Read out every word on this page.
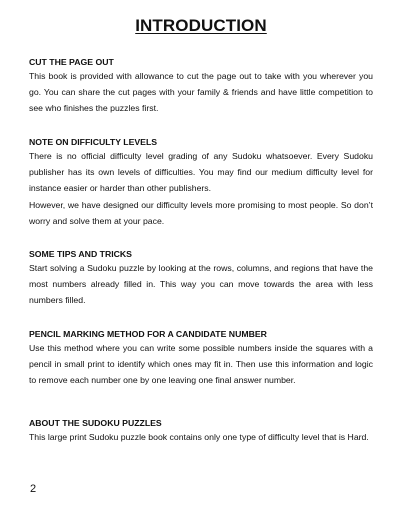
INTRODUCTION
CUT THE PAGE OUT

This book is provided with allowance to cut the page out to take with you wherever you go. You can share the cut pages with your family & friends and have little competition to see who finishes the puzzles first.

NOTE ON DIFFICULTY LEVELS

There is no official difficulty level grading of any Sudoku whatsoever. Every Sudoku publisher has its own levels of difficulties. You may find our medium difficulty level for instance easier or harder than other publishers.

However, we have designed our difficulty levels more promising to most people. So don’t worry and solve them at your pace.

SOME TIPS AND TRICKS

Start solving a Sudoku puzzle by looking at the rows, columns, and regions that have the most numbers already filled in. This way you can move towards the area with less numbers filled.

PENCIL MARKING METHOD FOR A CANDIDATE NUMBER

Use this method where you can write some possible numbers inside the squares with a pencil in small print to identify which ones may fit in. Then use this information and logic to remove each number one by one leaving one final answer number.

ABOUT THE SUDOKU PUZZLES

This large print Sudoku puzzle book contains only one type of difficulty level that is Hard.

2
